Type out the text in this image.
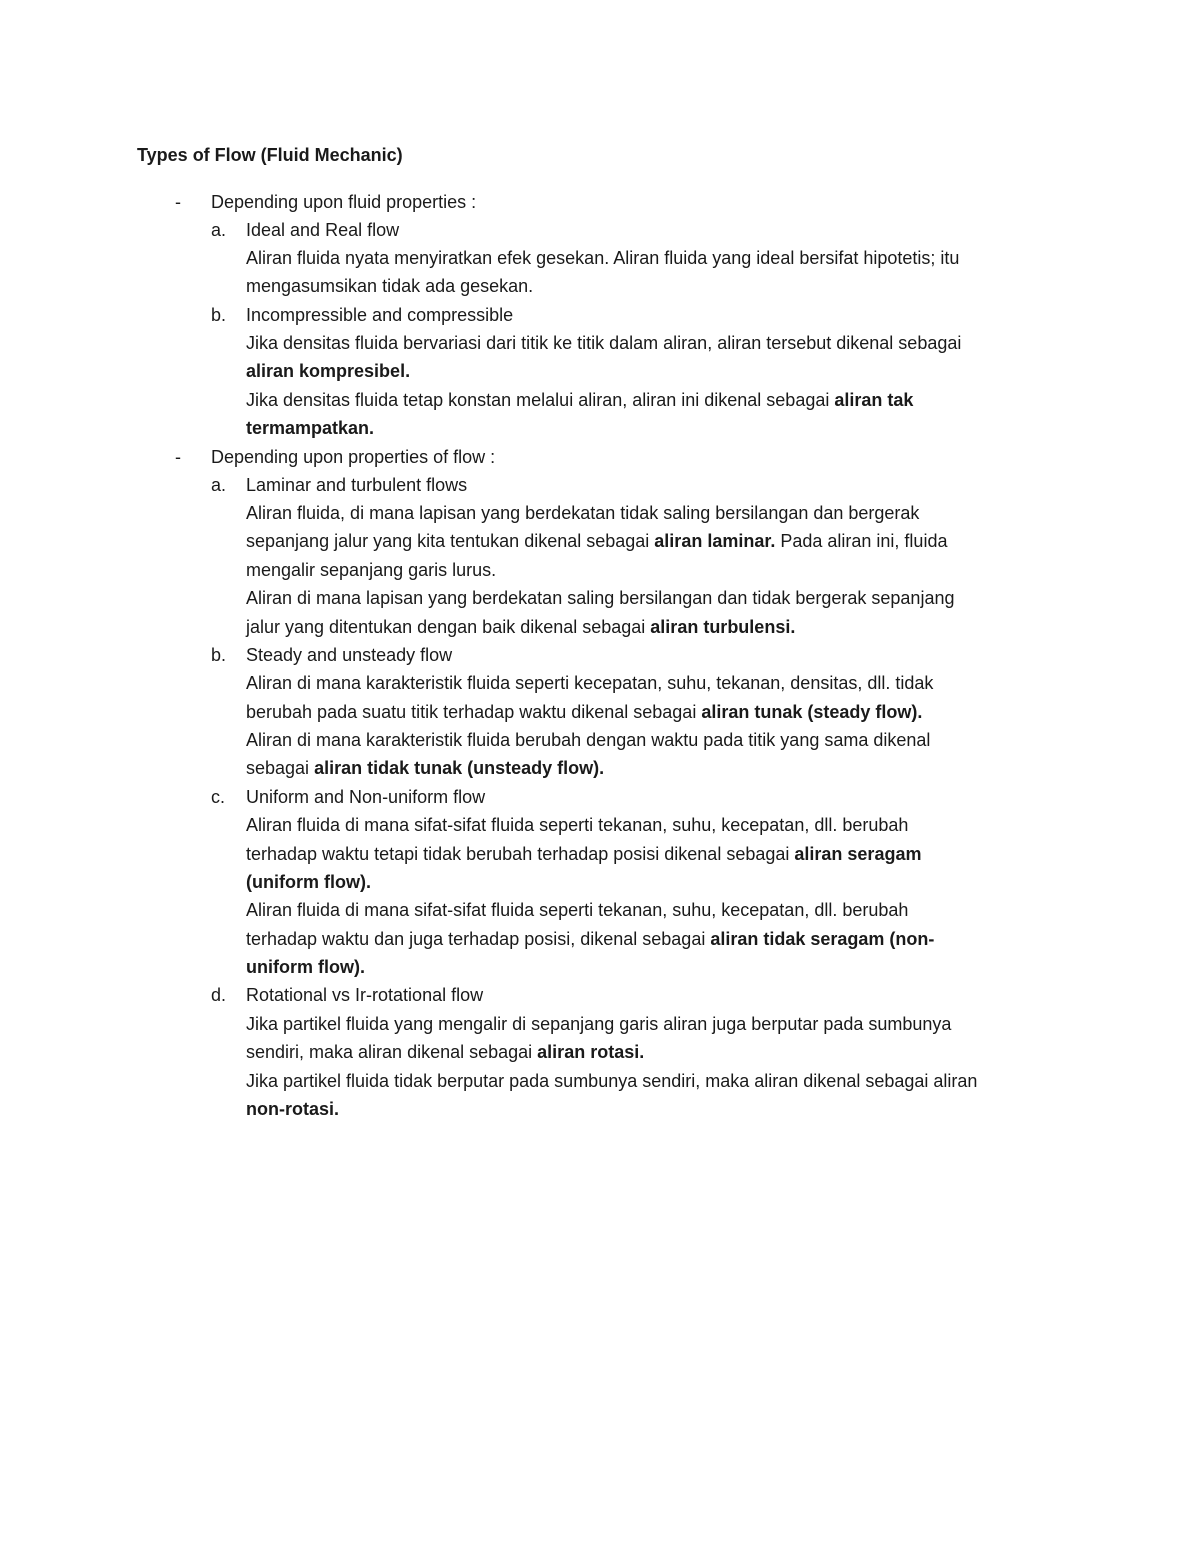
Types of Flow (Fluid Mechanic)
- Depending upon fluid properties :
a. Ideal and Real flow
Aliran fluida nyata menyiratkan efek gesekan. Aliran fluida yang ideal bersifat hipotetis; itu
mengasumsikan tidak ada gesekan.
b. Incompressible and compressible
Jika densitas fluida bervariasi dari titik ke titik dalam aliran, aliran tersebut dikenal sebagai
aliran kompresibel.
Jika densitas fluida tetap konstan melalui aliran, aliran ini dikenal sebagai aliran tak
termampatkan.
- Depending upon properties of flow :
a. Laminar and turbulent flows
Aliran fluida, di mana lapisan yang berdekatan tidak saling bersilangan dan bergerak
sepanjang jalur yang kita tentukan dikenal sebagai aliran laminar. Pada aliran ini, fluida
mengalir sepanjang garis lurus.
Aliran di mana lapisan yang berdekatan saling bersilangan dan tidak bergerak sepanjang
jalur yang ditentukan dengan baik dikenal sebagai aliran turbulensi.
b. Steady and unsteady flow
Aliran di mana karakteristik fluida seperti kecepatan, suhu, tekanan, densitas, dll. tidak
berubah pada suatu titik terhadap waktu dikenal sebagai aliran tunak (steady flow).
Aliran di mana karakteristik fluida berubah dengan waktu pada titik yang sama dikenal
sebagai aliran tidak tunak (unsteady flow).
c. Uniform and Non-uniform flow
Aliran fluida di mana sifat-sifat fluida seperti tekanan, suhu, kecepatan, dll. berubah
terhadap waktu tetapi tidak berubah terhadap posisi dikenal sebagai aliran seragam
(uniform flow).
Aliran fluida di mana sifat-sifat fluida seperti tekanan, suhu, kecepatan, dll. berubah
terhadap waktu dan juga terhadap posisi, dikenal sebagai aliran tidak seragam (non-
uniform flow).
d. Rotational vs Ir-rotational flow
Jika partikel fluida yang mengalir di sepanjang garis aliran juga berputar pada sumbunya
sendiri, maka aliran dikenal sebagai aliran rotasi.
Jika partikel fluida tidak berputar pada sumbunya sendiri, maka aliran dikenal sebagai aliran
non-rotasi.
